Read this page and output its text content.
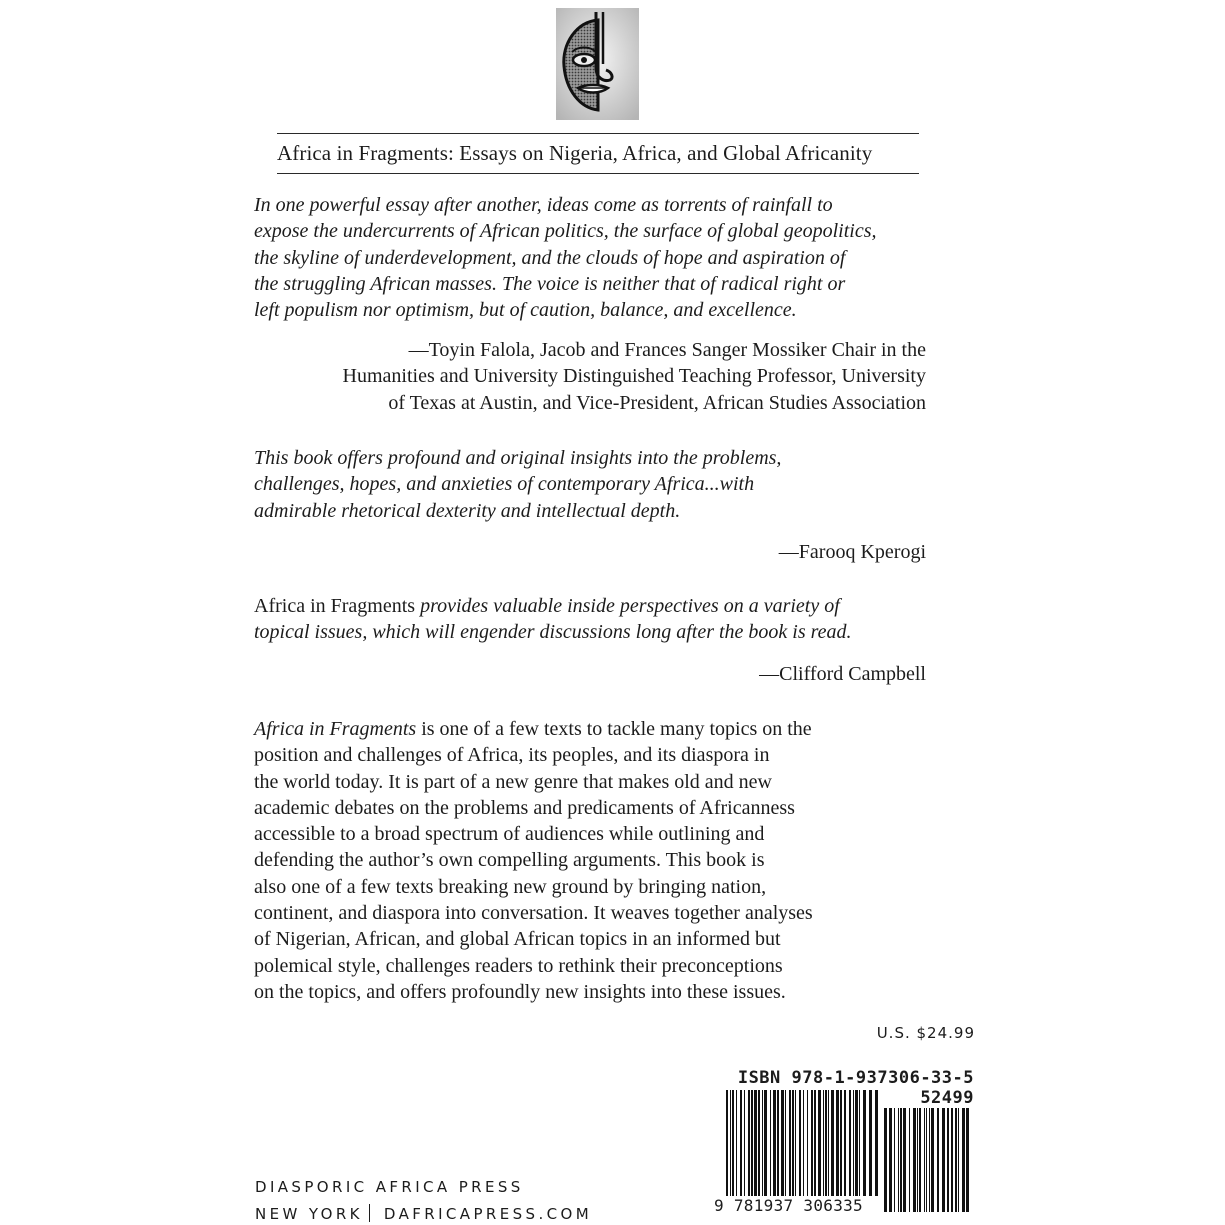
Africa in Fragments: Essays on Nigeria, Africa, and Global Africanity
In one powerful essay after another, ideas come as torrents of rainfall to
expose the undercurrents of African politics, the surface of global geopolitics,
the skyline of underdevelopment, and the clouds of hope and aspiration of
the struggling African masses. The voice is neither that of radical right or
left populism nor optimism, but of caution, balance, and excellence.
—Toyin Falola, Jacob and Frances Sanger Mossiker Chair in the
Humanities and University Distinguished Teaching Professor, University
of Texas at Austin, and Vice-President, African Studies Association
This book offers profound and original insights into the problems,
challenges, hopes, and anxieties of contemporary Africa...with
admirable rhetorical dexterity and intellectual depth.
—Farooq Kperogi
Africa in Fragments provides valuable inside perspectives on a variety of
topical issues, which will engender discussions long after the book is read.
—Clifford Campbell
Africa in Fragments is one of a few texts to tackle many topics on the
position and challenges of Africa, its peoples, and its diaspora in
the world today. It is part of a new genre that makes old and new
academic debates on the problems and predicaments of Africanness
accessible to a broad spectrum of audiences while outlining and
defending the author’s own compelling arguments. This book is
also one of a few texts breaking new ground by bringing nation,
continent, and diaspora into conversation. It weaves together analyses
of Nigerian, African, and global African topics in an informed but
polemical style, challenges readers to rethink their preconceptions
on the topics, and offers profoundly new insights into these issues.
U.S. $24.99
ISBN 978-1-937306-33-5
52499
9 781937 306335
DIASPORIC AFRICA PRESS
NEW YORK DAFRICAPRESS.COM
